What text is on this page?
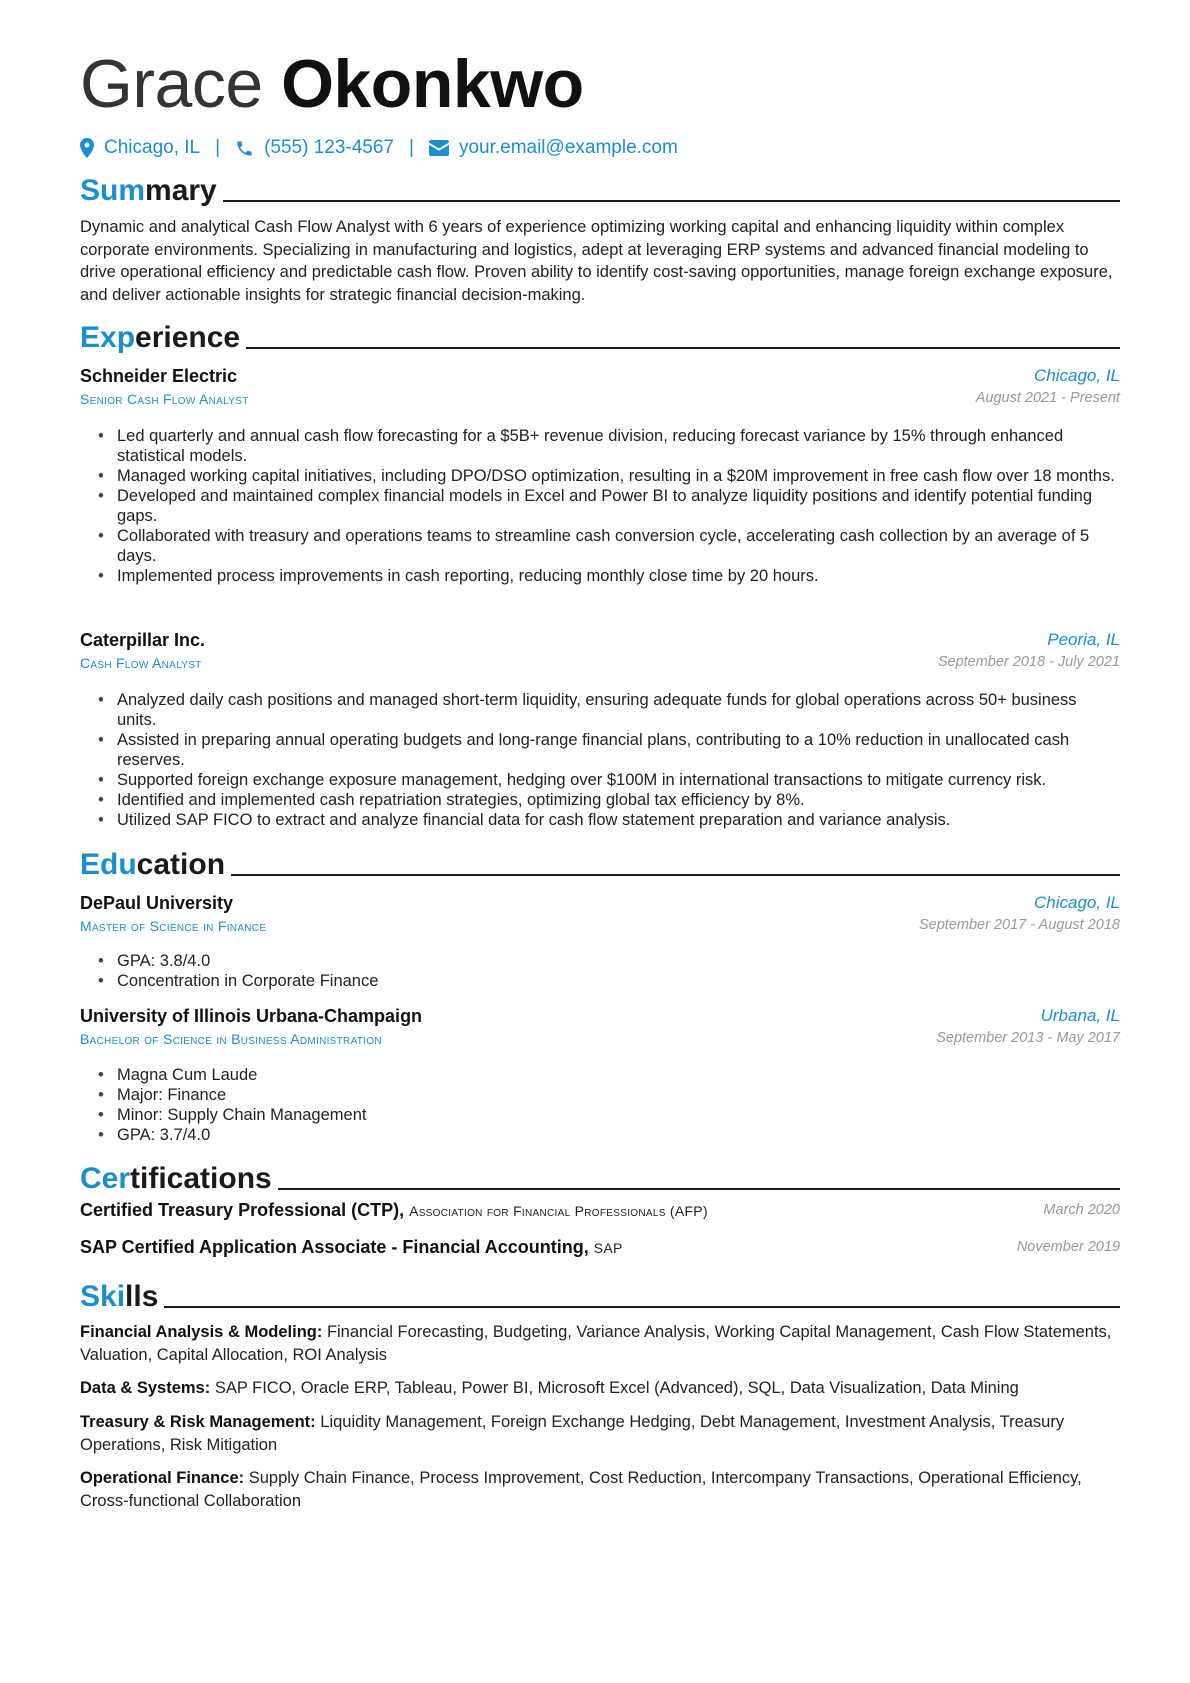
Grace Okonkwo
Chicago, IL | (555) 123-4567 | your.email@example.com
Summary
Dynamic and analytical Cash Flow Analyst with 6 years of experience optimizing working capital and enhancing liquidity within complex corporate environments. Specializing in manufacturing and logistics, adept at leveraging ERP systems and advanced financial modeling to drive operational efficiency and predictable cash flow. Proven ability to identify cost-saving opportunities, manage foreign exchange exposure, and deliver actionable insights for strategic financial decision-making.
Experience
Schneider Electric	Chicago, IL
Senior Cash Flow Analyst	August 2021 - Present
• Led quarterly and annual cash flow forecasting for a $5B+ revenue division, reducing forecast variance by 15% through enhanced statistical models.
• Managed working capital initiatives, including DPO/DSO optimization, resulting in a $20M improvement in free cash flow over 18 months.
• Developed and maintained complex financial models in Excel and Power BI to analyze liquidity positions and identify potential funding gaps.
• Collaborated with treasury and operations teams to streamline cash conversion cycle, accelerating cash collection by an average of 5 days.
• Implemented process improvements in cash reporting, reducing monthly close time by 20 hours.
Caterpillar Inc.	Peoria, IL
Cash Flow Analyst	September 2018 - July 2021
• Analyzed daily cash positions and managed short-term liquidity, ensuring adequate funds for global operations across 50+ business units.
• Assisted in preparing annual operating budgets and long-range financial plans, contributing to a 10% reduction in unallocated cash reserves.
• Supported foreign exchange exposure management, hedging over $100M in international transactions to mitigate currency risk.
• Identified and implemented cash repatriation strategies, optimizing global tax efficiency by 8%.
• Utilized SAP FICO to extract and analyze financial data for cash flow statement preparation and variance analysis.
Education
DePaul University	Chicago, IL
Master of Science in Finance	September 2017 - August 2018
• GPA: 3.8/4.0
• Concentration in Corporate Finance
University of Illinois Urbana-Champaign	Urbana, IL
Bachelor of Science in Business Administration	September 2013 - May 2017
• Magna Cum Laude
• Major: Finance
• Minor: Supply Chain Management
• GPA: 3.7/4.0
Certifications
Certified Treasury Professional (CTP), Association for Financial Professionals (AFP)	March 2020
SAP Certified Application Associate - Financial Accounting, SAP	November 2019
Skills
Financial Analysis & Modeling: Financial Forecasting, Budgeting, Variance Analysis, Working Capital Management, Cash Flow Statements, Valuation, Capital Allocation, ROI Analysis
Data & Systems: SAP FICO, Oracle ERP, Tableau, Power BI, Microsoft Excel (Advanced), SQL, Data Visualization, Data Mining
Treasury & Risk Management: Liquidity Management, Foreign Exchange Hedging, Debt Management, Investment Analysis, Treasury Operations, Risk Mitigation
Operational Finance: Supply Chain Finance, Process Improvement, Cost Reduction, Intercompany Transactions, Operational Efficiency, Cross-functional Collaboration
